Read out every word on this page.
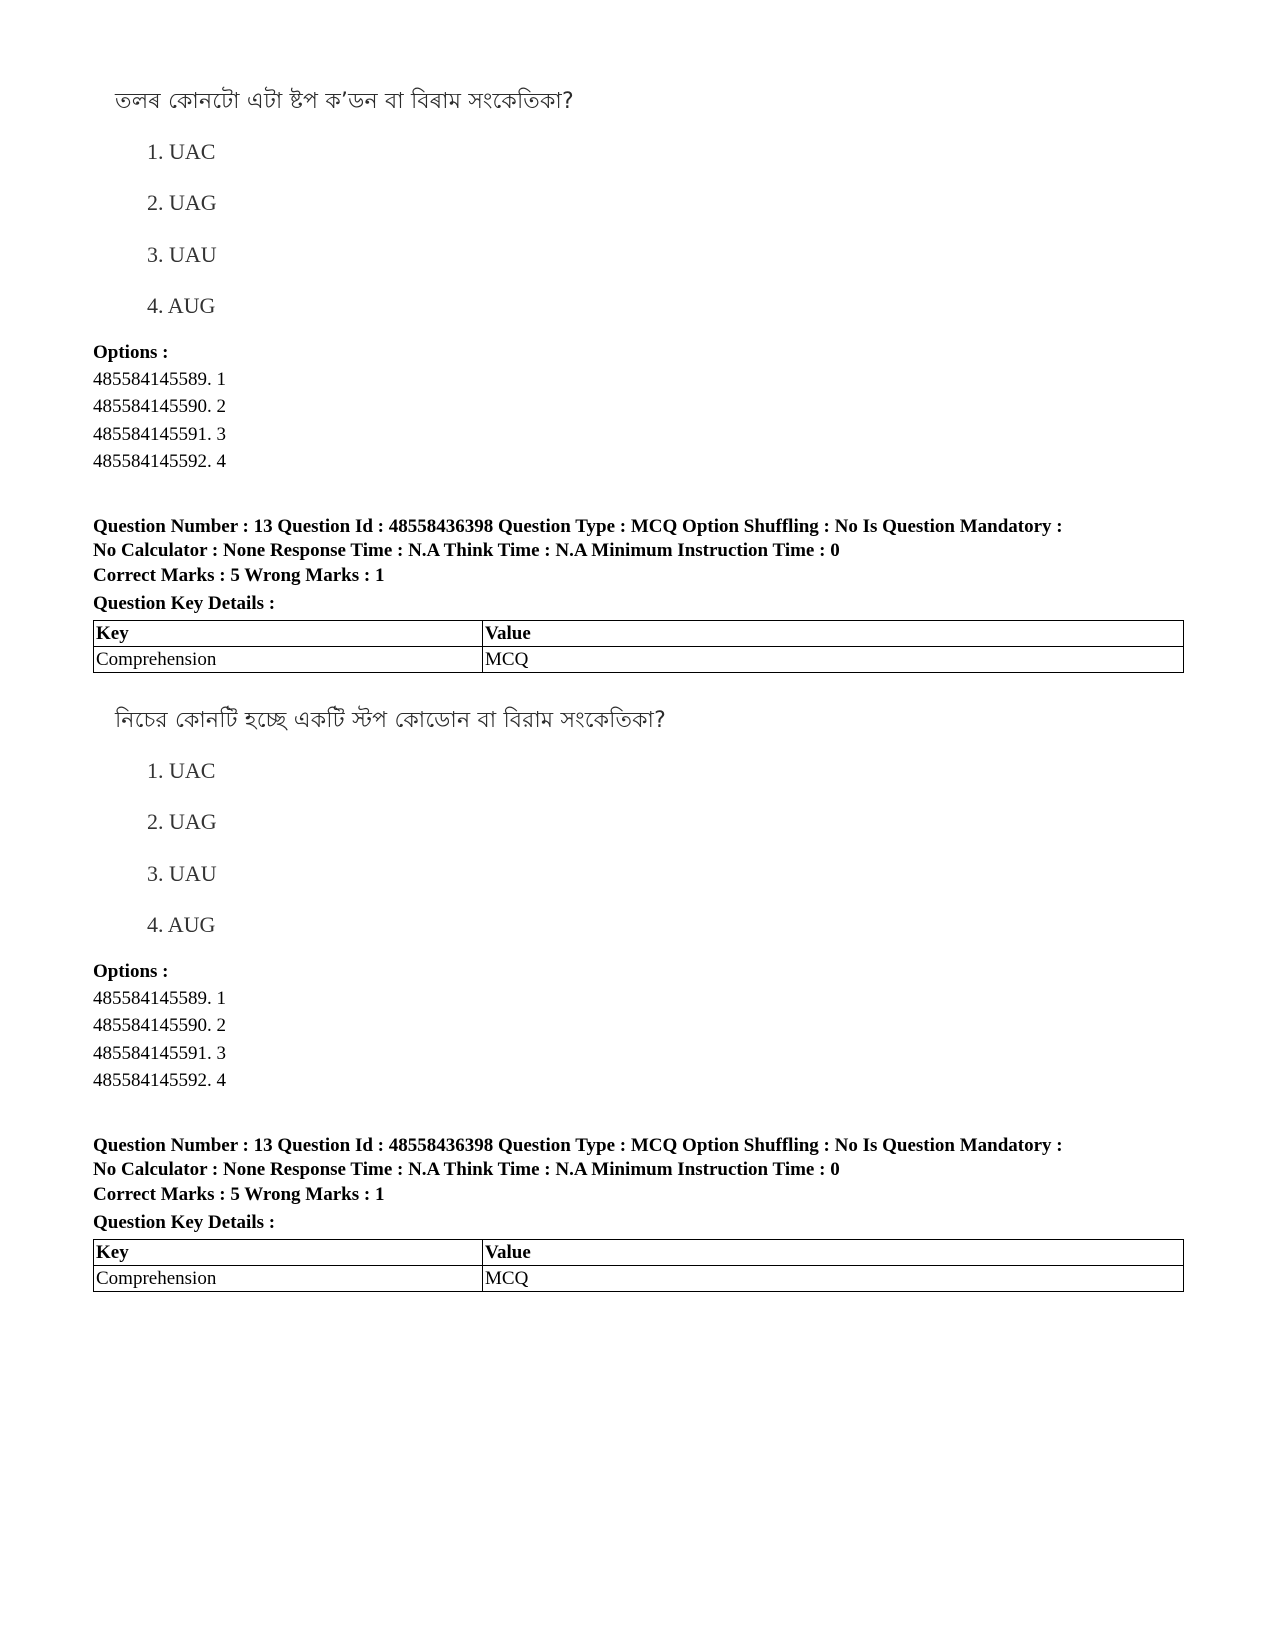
তলৰ কোনটো এটা ষ্টপ ক’ডন বা বিৰাম সংকেতিকা?
1. UAC
2. UAG
3. UAU
4. AUG
Options :
485584145589. 1
485584145590. 2
485584145591. 3
485584145592. 4
Question Number : 13 Question Id : 48558436398 Question Type : MCQ Option Shuffling : No Is Question Mandatory :
No Calculator : None Response Time : N.A Think Time : N.A Minimum Instruction Time : 0
Correct Marks : 5 Wrong Marks : 1
Question Key Details :
Key	Value
Comprehension	MCQ
নিচের কোনটি হচ্ছে একটি স্টপ কোডোন বা বিরাম সংকেতিকা?
1. UAC
2. UAG
3. UAU
4. AUG
Options :
485584145589. 1
485584145590. 2
485584145591. 3
485584145592. 4
Question Number : 13 Question Id : 48558436398 Question Type : MCQ Option Shuffling : No Is Question Mandatory :
No Calculator : None Response Time : N.A Think Time : N.A Minimum Instruction Time : 0
Correct Marks : 5 Wrong Marks : 1
Question Key Details :
Key	Value
Comprehension	MCQ
